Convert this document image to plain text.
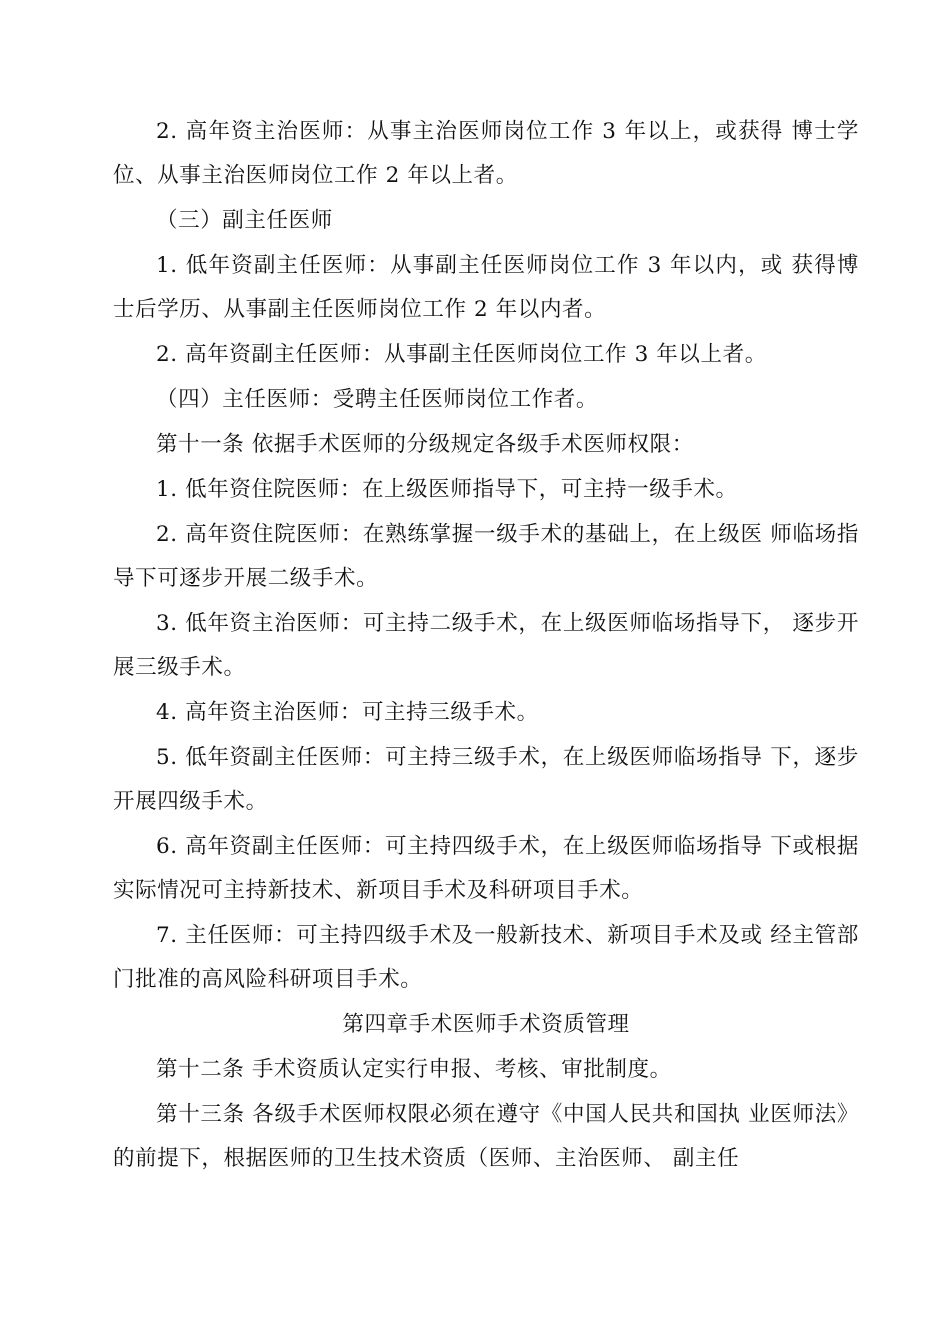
2. 高年资主治医师：从事主治医师岗位工作 3 年以上，或获得 博士学位、从事主治医师岗位工作 2 年以上者。

（三）副主任医师

1. 低年资副主任医师：从事副主任医师岗位工作 3 年以内，或 获得博士后学历、从事副主任医师岗位工作 2 年以内者。

2. 高年资副主任医师：从事副主任医师岗位工作 3 年以上者。

（四）主任医师：受聘主任医师岗位工作者。

第十一条 依据手术医师的分级规定各级手术医师权限：

1. 低年资住院医师：在上级医师指导下，可主持一级手术。

2. 高年资住院医师：在熟练掌握一级手术的基础上，在上级医 师临场指导下可逐步开展二级手术。

3. 低年资主治医师：可主持二级手术，在上级医师临场指导下， 逐步开展三级手术。

4. 高年资主治医师：可主持三级手术。

5. 低年资副主任医师：可主持三级手术，在上级医师临场指导 下，逐步开展四级手术。

6. 高年资副主任医师：可主持四级手术，在上级医师临场指导 下或根据实际情况可主持新技术、新项目手术及科研项目手术。

7. 主任医师：可主持四级手术及一般新技术、新项目手术及或 经主管部门批准的高风险科研项目手术。

第四章手术医师手术资质管理

第十二条 手术资质认定实行申报、考核、审批制度。

第十三条 各级手术医师权限必须在遵守《中国人民共和国执 业医师法》的前提下，根据医师的卫生技术资质（医师、主治医师、 副主任
